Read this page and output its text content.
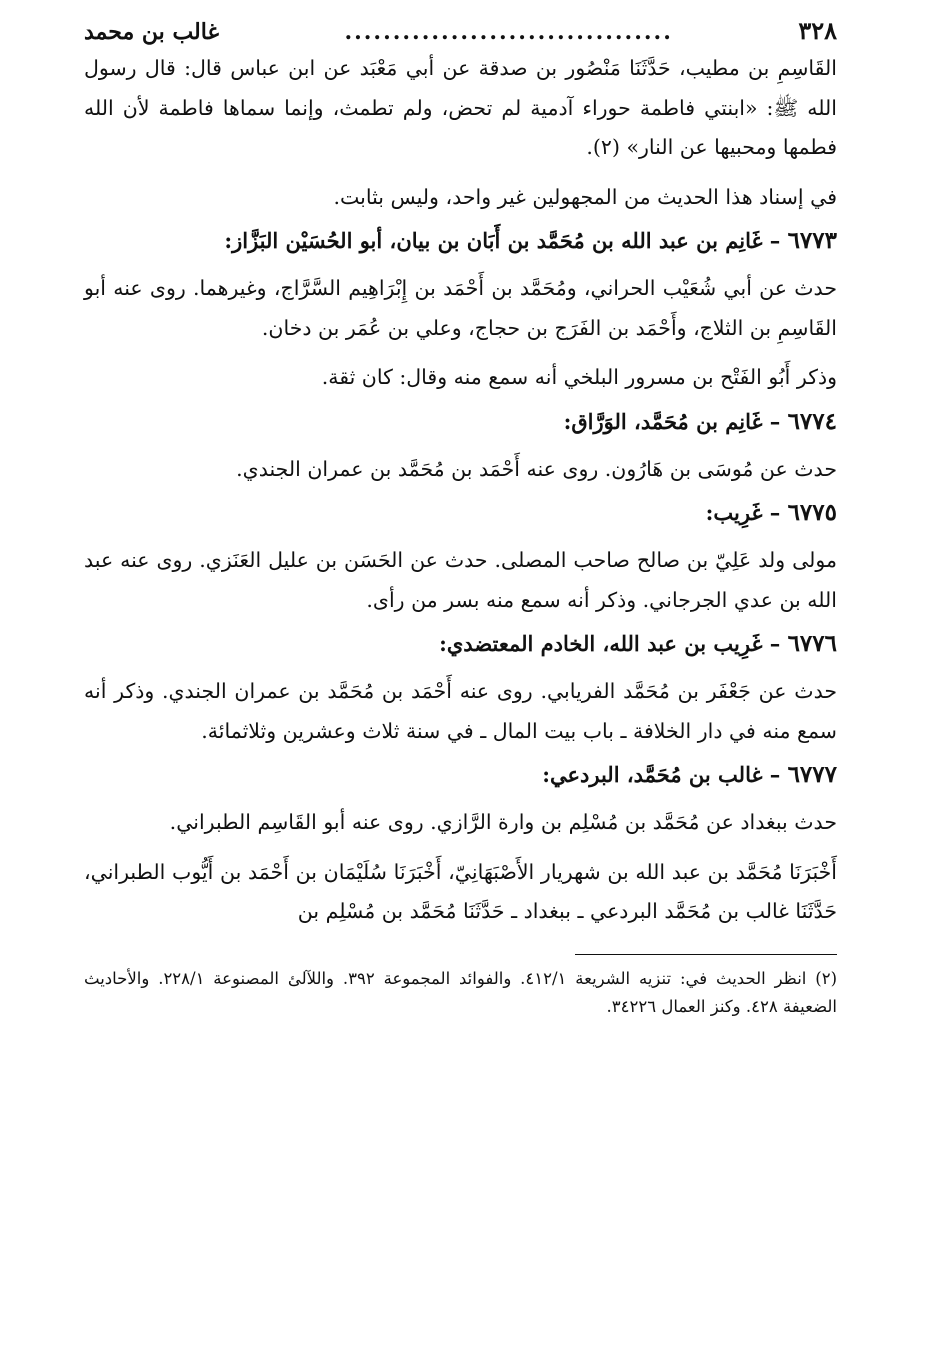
٣٢٨
..................................
غالب بن محمد

القَاسِمِ بن مطيب، حَدَّثَنَا مَنْصُور بن صدقة عن أبي مَعْبَد عن ابن عباس قال: قال رسول الله ﷺ: «ابنتي فاطمة حوراء آدمية لم تحض، ولم تطمث، وإنما سماها فاطمة لأن الله فطمها ومحبيها عن النار» (٢).

في إسناد هذا الحديث من المجهولين غير واحد، وليس بثابت.

٦٧٧٣ – غَانِم بن عبد الله بن مُحَمَّد بن أَبَان بن بيان، أبو الحُسَيْن البَزَّاز:

حدث عن أبي شُعَيْب الحراني، ومُحَمَّد بن أَحْمَد بن إِبْرَاهِيم السَّرَّاج، وغيرهما. روى عنه أبو القَاسِمِ بن الثلاج، وأَحْمَد بن الفَرَج بن حجاج، وعلي بن عُمَر بن دخان.

وذكر أَبُو الفَتْح بن مسرور البلخي أنه سمع منه وقال: كان ثقة.

٦٧٧٤ – غَانِم بن مُحَمَّد، الوَرَّاق:

حدث عن مُوسَى بن هَارُون. روى عنه أَحْمَد بن مُحَمَّد بن عمران الجندي.

٦٧٧٥ – غَرِيب:

مولى ولد عَلِيّ بن صالح صاحب المصلى. حدث عن الحَسَن بن عليل العَنَزي. روى عنه عبد الله بن عدي الجرجاني. وذكر أنه سمع منه بسر من رأى.

٦٧٧٦ – غَرِيب بن عبد الله، الخادم المعتضدي:

حدث عن جَعْفَر بن مُحَمَّد الفريابي. روى عنه أَحْمَد بن مُحَمَّد بن عمران الجندي. وذكر أنه سمع منه في دار الخلافة ـ باب بيت المال ـ في سنة ثلاث وعشرين وثلاثمائة.

٦٧٧٧ – غالب بن مُحَمَّد، البردعي:

حدث ببغداد عن مُحَمَّد بن مُسْلِم بن وارة الرَّازي. روى عنه أبو القَاسِم الطبراني.

أَخْبَرَنَا مُحَمَّد بن عبد الله بن شهريار الأَصْبَهَانِيّ، أَخْبَرَنَا سُلَيْمَان بن أَحْمَد بن أَيُّوب الطبراني، حَدَّثَنَا غالب بن مُحَمَّد البردعي ـ ببغداد ـ حَدَّثَنَا مُحَمَّد بن مُسْلِم بن

(٢) انظر الحديث في: تنزيه الشريعة ٤١٢/١. والفوائد المجموعة ٣٩٢. واللآلئ المصنوعة ٢٢٨/١. والأحاديث الضعيفة ٤٢٨. وكنز العمال ٣٤٢٢٦.
